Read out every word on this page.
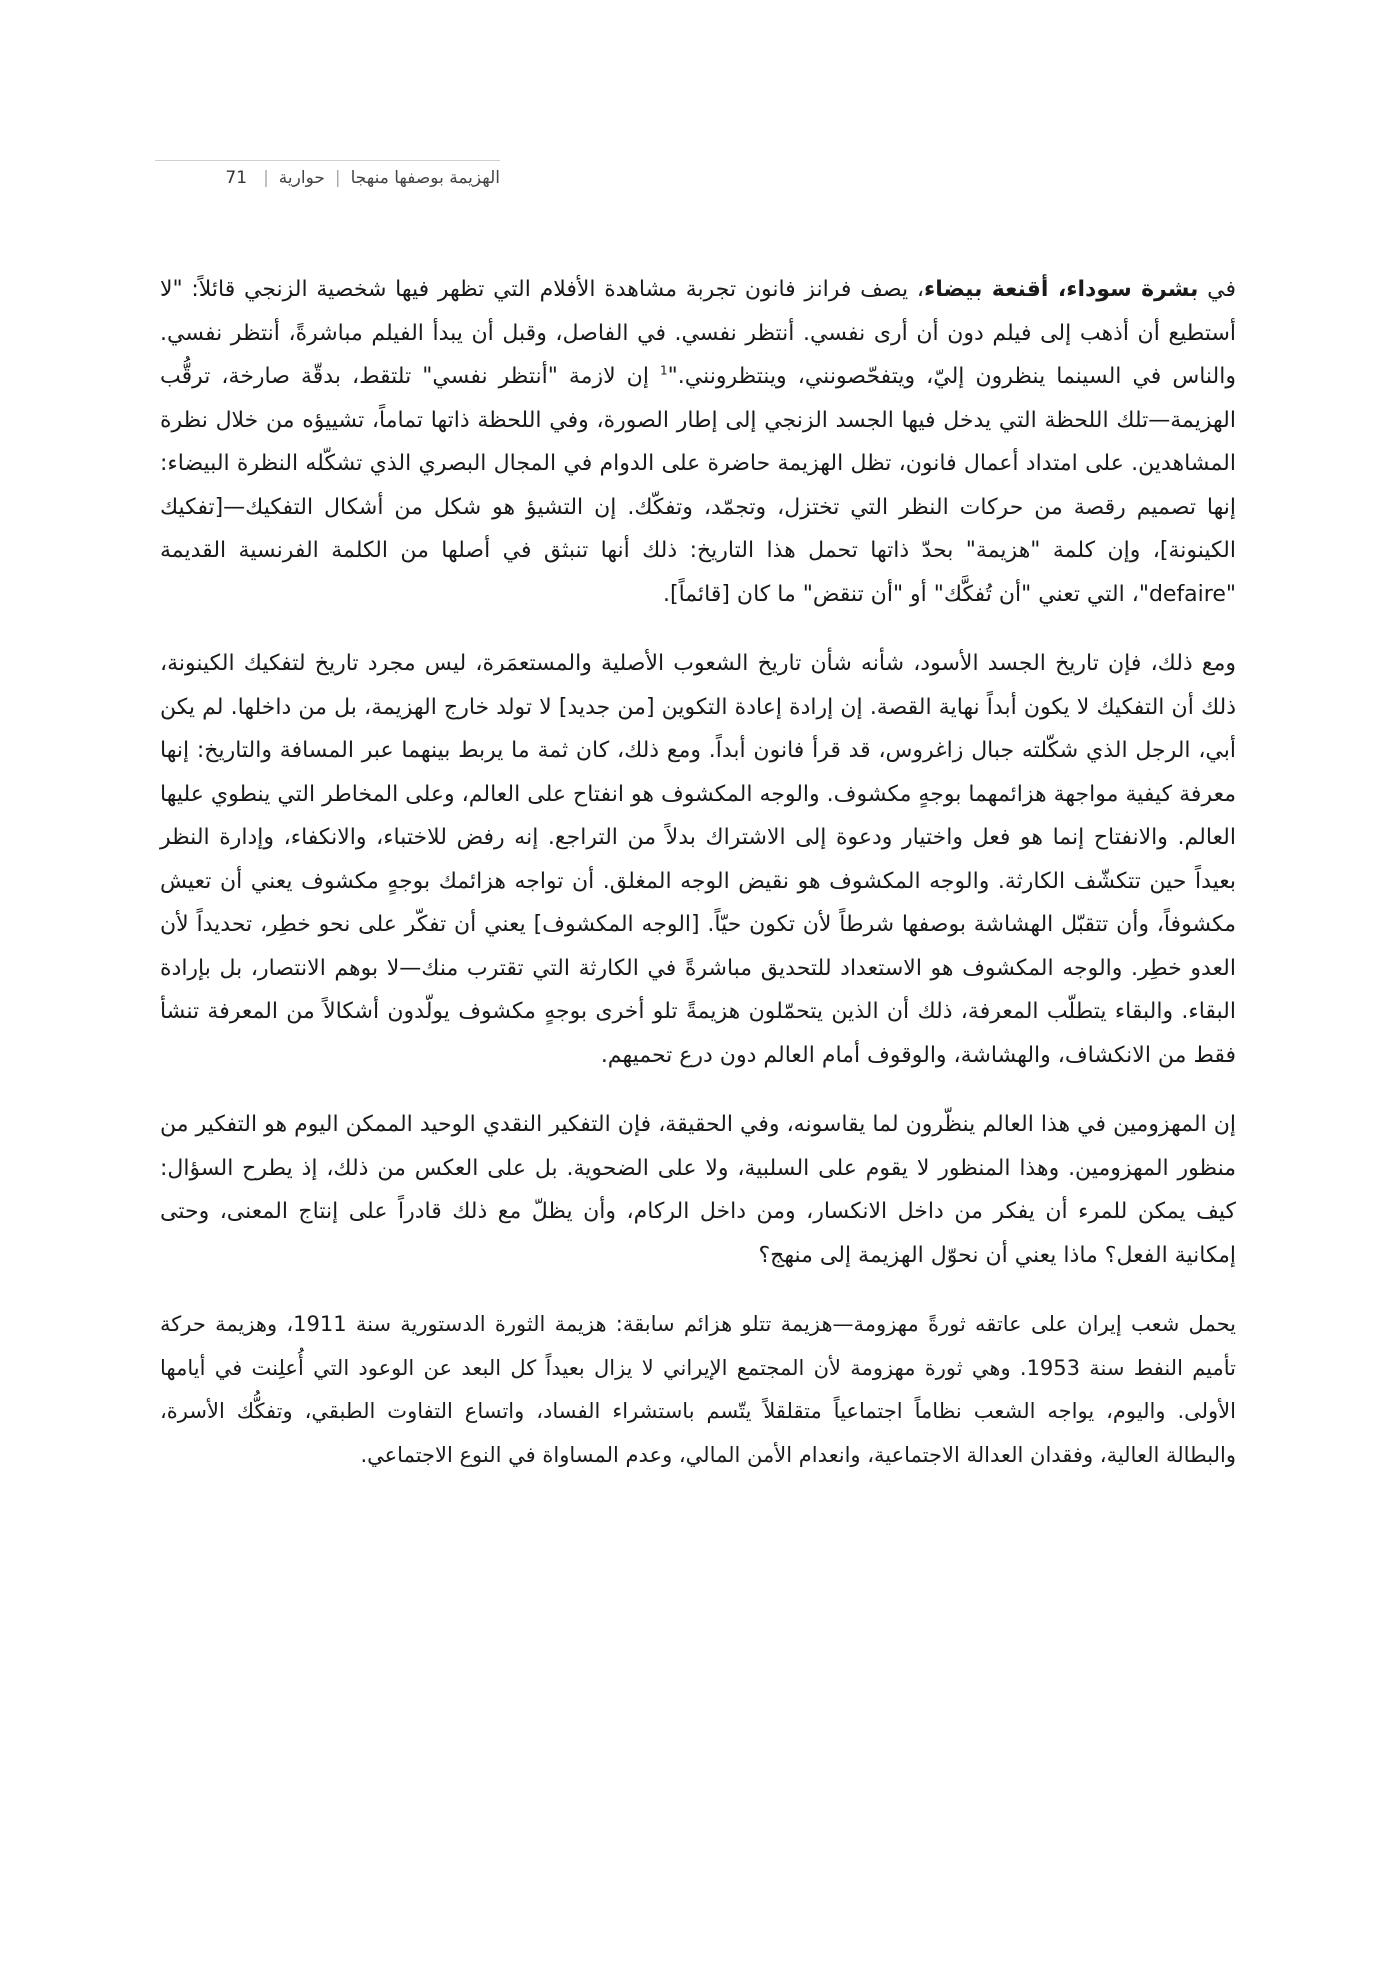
الهزيمة بوصفها منهجا
|
حوارية
|
71

في بشرة سوداء، أقنعة بيضاء، يصف فرانز فانون تجربة مشاهدة الأفلام التي تظهر فيها شخصية الزنجي قائلاً: "لا أستطيع أن أذهب إلى فيلم دون أن أرى نفسي. أنتظر نفسي. في الفاصل، وقبل أن يبدأ الفيلم مباشرةً، أنتظر نفسي. والناس في السينما ينظرون إليّ، ويتفحّصونني، وينتظرونني."$^1$ إن لازمة "أنتظر نفسي" تلتقط، بدقّة صارخة، ترقُّب الهزيمة—تلك اللحظة التي يدخل فيها الجسد الزنجي إلى إطار الصورة، وفي اللحظة ذاتها تماماً، تشييؤه من خلال نظرة المشاهدين. على امتداد أعمال فانون، تظل الهزيمة حاضرة على الدوام في المجال البصري الذي تشكّله النظرة البيضاء: إنها تصميم رقصة من حركات النظر التي تختزل، وتجمّد، وتفكّك. إن التشيؤ هو شكل من أشكال التفكيك—[تفكيك الكينونة]، وإن كلمة "هزيمة" بحدّ ذاتها تحمل هذا التاريخ: ذلك أنها تنبثق في أصلها من الكلمة الفرنسية القديمة "defaire"، التي تعني "أن تُفكَّك" أو "أن تنقض" ما كان [قائماً].

ومع ذلك، فإن تاريخ الجسد الأسود، شأنه شأن تاريخ الشعوب الأصلية والمستعمَرة، ليس مجرد تاريخ لتفكيك الكينونة، ذلك أن التفكيك لا يكون أبداً نهاية القصة. إن إرادة إعادة التكوين [من جديد] لا تولد خارج الهزيمة، بل من داخلها. لم يكن أبي، الرجل الذي شكّلته جبال زاغروس، قد قرأ فانون أبداً. ومع ذلك، كان ثمة ما يربط بينهما عبر المسافة والتاريخ: إنها معرفة كيفية مواجهة هزائمهما بوجهٍ مكشوف. والوجه المكشوف هو انفتاح على العالم، وعلى المخاطر التي ينطوي عليها العالم. والانفتاح إنما هو فعل واختيار ودعوة إلى الاشتراك بدلاً من التراجع. إنه رفض للاختباء، والانكفاء، وإدارة النظر بعيداً حين تتكشّف الكارثة. والوجه المكشوف هو نقيض الوجه المغلق. أن تواجه هزائمك بوجهٍ مكشوف يعني أن تعيش مكشوفاً، وأن تتقبّل الهشاشة بوصفها شرطاً لأن تكون حيّاً. [الوجه المكشوف] يعني أن تفكّر على نحو خطِر، تحديداً لأن العدو خطِر. والوجه المكشوف هو الاستعداد للتحديق مباشرةً في الكارثة التي تقترب منك—لا بوهم الانتصار، بل بإرادة البقاء. والبقاء يتطلّب المعرفة، ذلك أن الذين يتحمّلون هزيمةً تلو أخرى بوجهٍ مكشوف يولّدون أشكالاً من المعرفة تنشأ فقط من الانكشاف، والهشاشة، والوقوف أمام العالم دون درع تحميهم.

إن المهزومين في هذا العالم ينظّرون لما يقاسونه، وفي الحقيقة، فإن التفكير النقدي الوحيد الممكن اليوم هو التفكير من منظور المهزومين. وهذا المنظور لا يقوم على السلبية، ولا على الضحوية. بل على العكس من ذلك، إذ يطرح السؤال: كيف يمكن للمرء أن يفكر من داخل الانكسار، ومن داخل الركام، وأن يظلّ مع ذلك قادراً على إنتاج المعنى، وحتى إمكانية الفعل؟ ماذا يعني أن نحوّل الهزيمة إلى منهج؟

يحمل شعب إيران على عاتقه ثورةً مهزومة—هزيمة تتلو هزائم سابقة: هزيمة الثورة الدستورية سنة 1911، وهزيمة حركة تأميم النفط سنة 1953. وهي ثورة مهزومة لأن المجتمع الإيراني لا يزال بعيداً كل البعد عن الوعود التي أُعلِنت في أيامها الأولى. واليوم، يواجه الشعب نظاماً اجتماعياً متقلقلاً يتّسم باستشراء الفساد، واتساع التفاوت الطبقي، وتفكُّك الأسرة، والبطالة العالية، وفقدان العدالة الاجتماعية، وانعدام الأمن المالي، وعدم المساواة في النوع الاجتماعي.
